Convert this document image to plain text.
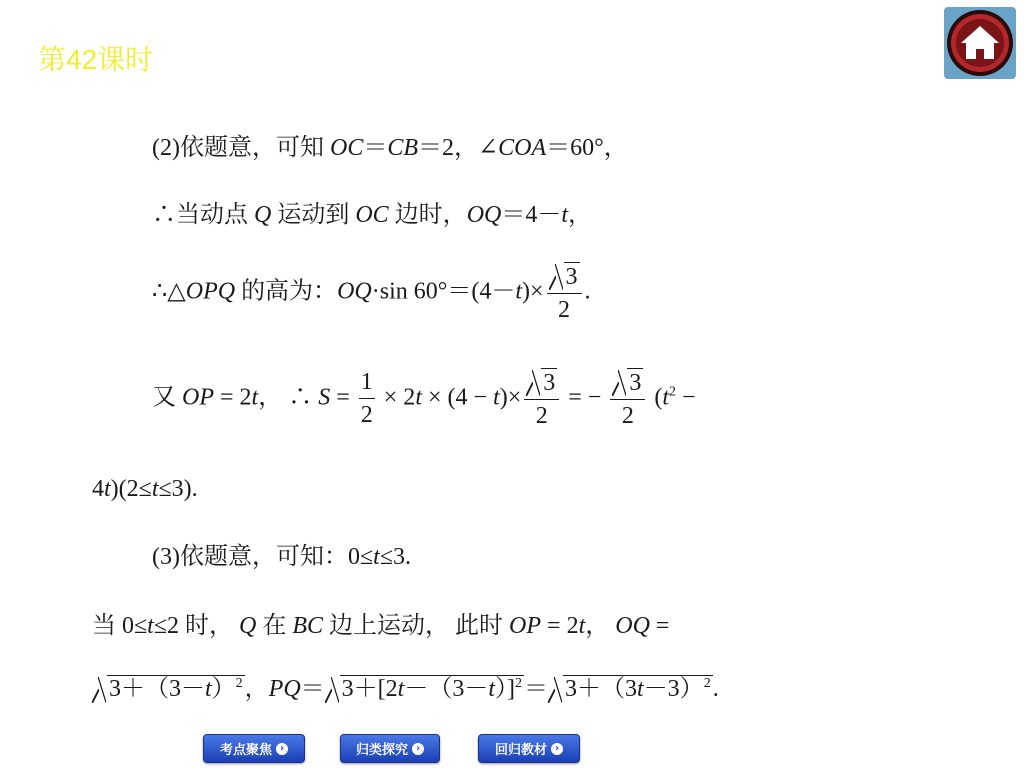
第42课时
(2)依题意，可知 OC＝CB＝2，∠COA＝60°，
∴当动点 Q 运动到 OC 边时，OQ＝4－t，
∴△OPQ 的高为：OQ·sin $60^\circ=(4-t)\times \frac{3}{2}$ .
又 OP = 2t， ∴ $S = \frac{1}{2} \times 2t \times (4 - t)\times \frac{3}{2}$ = − $\frac{3}{2} (t^2$ −
4t)(2≤t≤3).
(3)依题意，可知：0≤t≤3.
当 0≤t≤2 时， Q 在 BC 边上运动， 此时 OP = 2t， OQ =
$3+(3-t)^2$，$PQ= 3+[2t-(3-t)]^2= 3+(3t-3)^2$.
考点聚焦 ›	归类探究 ›	回归教材 ›
